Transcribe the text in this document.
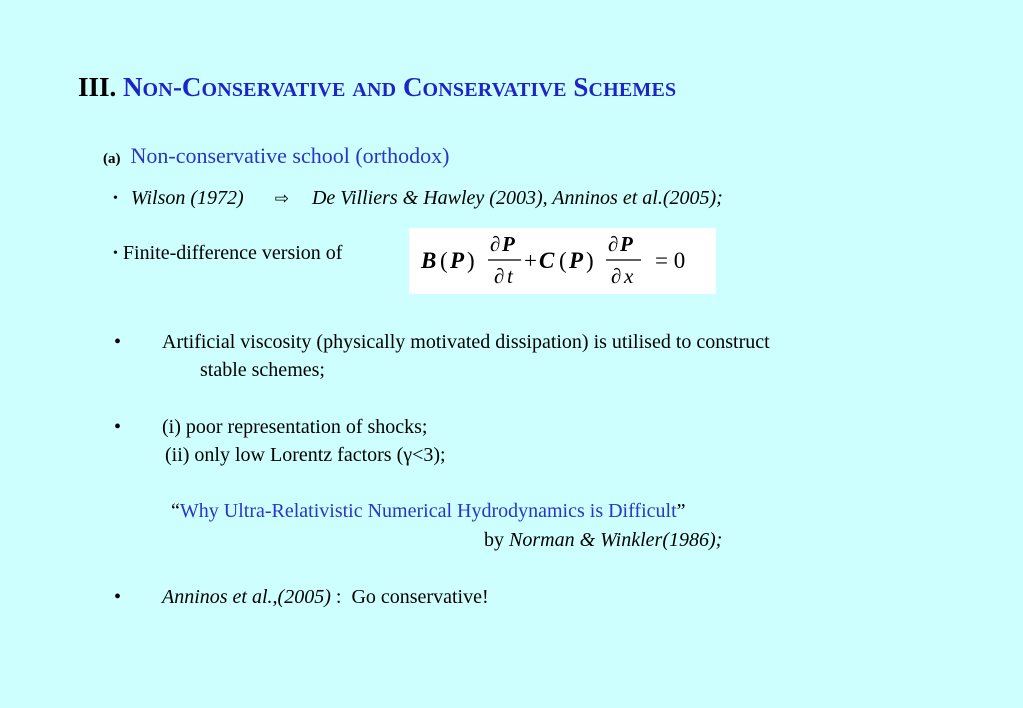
III. NON-CONSERVATIVE AND CONSERVATIVE SCHEMES
(a) Non-conservative school (orthodox)
• Wilson (1972) ⇨ De Villiers & Hawley (2003), Anninos et al.(2005);
• Finite-difference version of	B ( P )
∂ P
∂ t
+ C ( P )
∂ P
∂ x
= 0
• Artificial viscosity (physically motivated dissipation) is utilised to construct
stable schemes;
• (i) poor representation of shocks;
(ii) only low Lorentz factors (γ<3);
“Why Ultra-Relativistic Numerical Hydrodynamics is Difficult”
by Norman & Winkler(1986);
• Anninos et al.,(2005) :  Go conservative!
